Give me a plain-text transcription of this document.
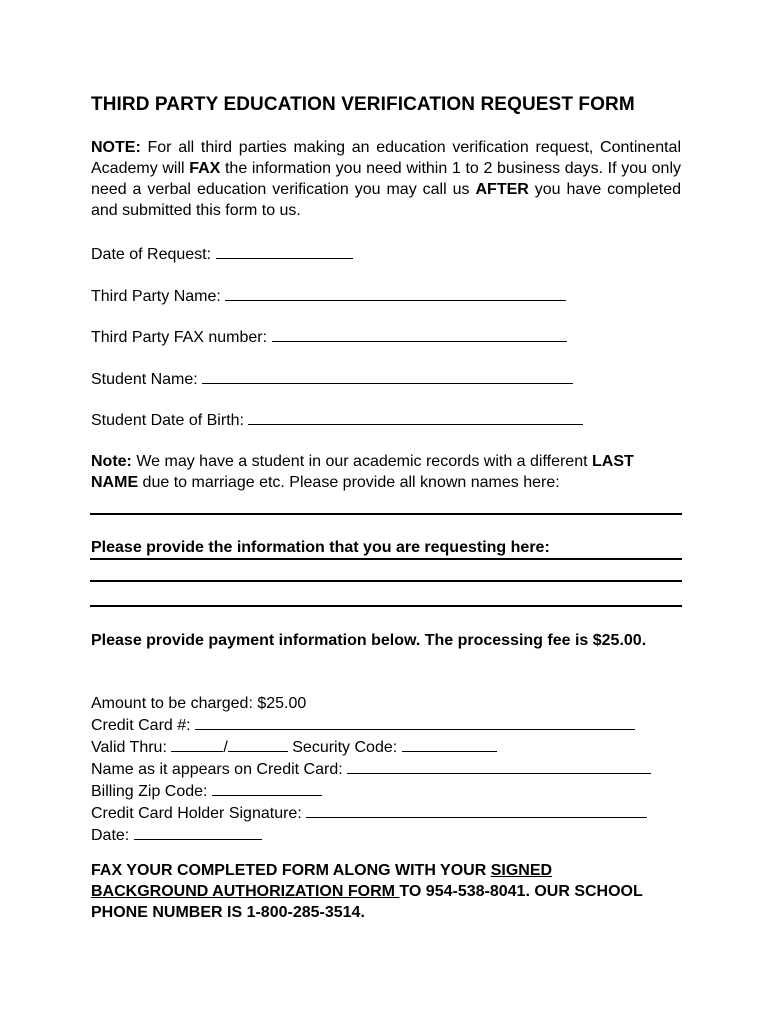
THIRD PARTY EDUCATION VERIFICATION REQUEST FORM
NOTE: For all third parties making an education verification request, Continental Academy will FAX the information you need within 1 to 2 business days. If you only need a verbal education verification you may call us AFTER you have completed and submitted this form to us.
Date of Request:
Third Party Name:
Third Party FAX number:
Student Name:
Student Date of Birth:
Note: We may have a student in our academic records with a different LAST NAME due to marriage etc. Please provide all known names here:
Please provide the information that you are requesting here:
Please provide payment information below. The processing fee is $25.00.
Amount to be charged: $25.00
Credit Card #:
Valid Thru:	/	Security Code:
Name as it appears on Credit Card:
Billing Zip Code:
Credit Card Holder Signature:
Date:
FAX YOUR COMPLETED FORM ALONG WITH YOUR SIGNED BACKGROUND AUTHORIZATION FORM TO 954-538-8041. OUR SCHOOL PHONE NUMBER IS 1-800-285-3514.
